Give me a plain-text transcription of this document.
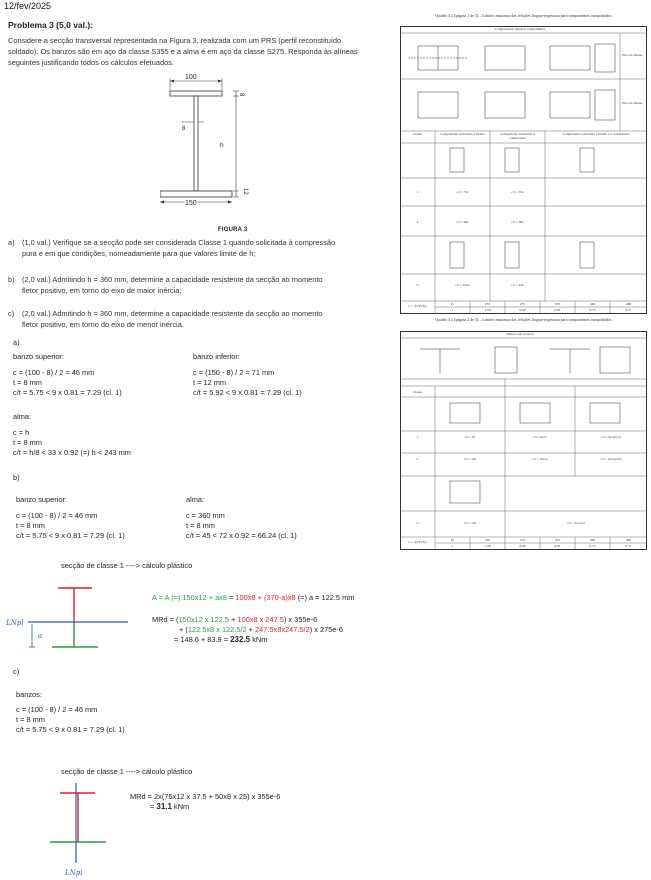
12/fev/2025
Problema 3 (5,0 val.):

Considere a secção transversal representada na Figura 3, realizada com um PRS (perfil reconstituído

soldado). Os banzos são em aço da classe S355 e a alma é em aço da classe S275. Responda às alíneas

seguintes justificando todos os cálculos efetuados.

100
150
8
h
12
8
FIGURA 3
a) (1,0 val.) Verifique se a secção pode ser considerada Classe 1 quando solicitada à compressão
pura e em que condições, nomeadamente para que valores limite de h;
b) (2,0 val.) Admitindo h = 360 mm, determine a capacidade resistente da secção ao momento
fletor positivo, em torno do eixo de maior inércia;
c) (2,0 val.) Admitindo h = 360 mm, determine a capacidade resistente da secção ao momento
fletor positivo, em torno do eixo de menor inércia.
Quadro 5.2 (página 1 de 3) – Limites máximos das relações largura-espessura para componentes comprimidos
Quadro 5.2 (página 2 de 3) – Limites máximos das relações largura-espessura para componentes comprimidos
Eixo de flexão
Eixo de flexão
Componentes internos comprimidos
Classe	Componente solicitado à flexão	Componente solicitado à compressão
Componente solicitado à flexão e à compressão
1	c/t ≤ 72ε	c/t ≤ 33ε
2	c/t ≤ 83ε	c/t ≤ 38ε
3	c/t ≤ 124ε	c/t ≤ 42ε
ε = √(235/fy)	fy	235	275	355	420	460
ε	1.00	0.92	0.81	0.75	0.71
Banzos em consola
Classe
1	c/t ≤ 9ε	c/t ≤ 9ε/α	c/t ≤ 9ε/(α√α)
2	c/t ≤ 10ε	c/t ≤ 10ε/α	c/t ≤ 10ε/(α√α)
3	c/t ≤ 14ε	c/t ≤ 21ε√kσ
ε = √(235/fy)	fy	235	275	355	420	460
ε	1.00	0.92	0.81	0.75	0.71
a)
banzo superior:
c = (100 - 8) / 2 = 46 mm
t = 8 mm
c/t = 5.75 < 9 x 0.81 = 7.29 (cl. 1)
banzo inferior:
c = (150 - 8) / 2 = 71 mm
t = 12 mm
c/t = 5.92 < 9 x 0.81 = 7.29 (cl. 1)
alma:
c = h
t = 8 mm
c/t = h/8 < 33 x 0.92 (=) h < 243 mm
b)
banzo superior:
c = (100 - 8) / 2 = 46 mm
t = 8 mm
c/t = 5.75 < 9 x 0.81 = 7.29 (cl. 1)
alma:
c = 360 mm
t = 8 mm
c/t = 45 < 72 x 0.92 = 66.24 (cl. 1)
secção de classe 1 ----> cálculo plástico
LNpl
a
A = A (=) 150x12 + ax8 = 100x8 + (370-a)x8 (=) a = 122.5 mm
MRd = (150x12 x 122.5 + 100x8 x 247.5) x 355e-6
+ (122.5x8 x 122.5/2 + 247.5x8x247.5/2) x 275e-6
= 148.6 + 83.9 = 232.5 kNm
c)
banzos:
c = (100 - 8) / 2 = 46 mm
t = 8 mm
c/t = 5.75 < 9 x 0.81 = 7.29 (cl. 1)
secção de classe 1 ----> cálculo plástico
LNpl
MRd = 2x(75x12 x 37.5 + 50x8 x 25) x 355e-6
= 31.1 kNm
